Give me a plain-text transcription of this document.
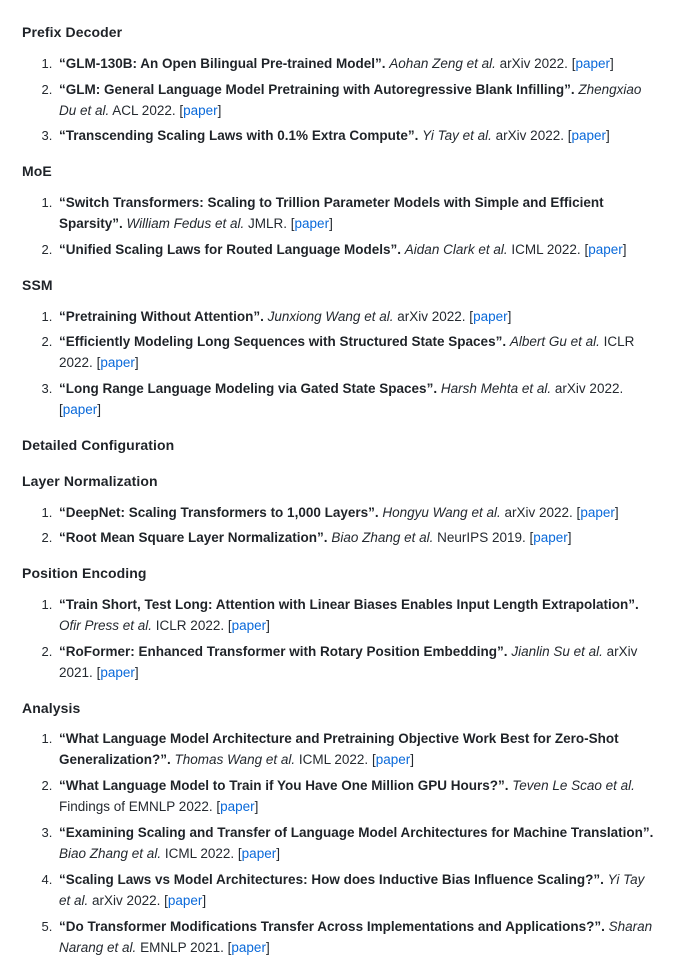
Prefix Decoder
1. “GLM-130B: An Open Bilingual Pre-trained Model”. Aohan Zeng et al. arXiv 2022. [paper]
2. “GLM: General Language Model Pretraining with Autoregressive Blank Infilling”. Zhengxiao Du et al. ACL 2022. [paper]
3. “Transcending Scaling Laws with 0.1% Extra Compute”. Yi Tay et al. arXiv 2022. [paper]
MoE
1. “Switch Transformers: Scaling to Trillion Parameter Models with Simple and Efficient Sparsity”. William Fedus et al. JMLR. [paper]
2. “Unified Scaling Laws for Routed Language Models”. Aidan Clark et al. ICML 2022. [paper]
SSM
1. “Pretraining Without Attention”. Junxiong Wang et al. arXiv 2022. [paper]
2. “Efficiently Modeling Long Sequences with Structured State Spaces”. Albert Gu et al. ICLR 2022. [paper]
3. “Long Range Language Modeling via Gated State Spaces”. Harsh Mehta et al. arXiv 2022. [paper]
Detailed Configuration
Layer Normalization
1. “DeepNet: Scaling Transformers to 1,000 Layers”. Hongyu Wang et al. arXiv 2022. [paper]
2. “Root Mean Square Layer Normalization”. Biao Zhang et al. NeurIPS 2019. [paper]
Position Encoding
1. “Train Short, Test Long: Attention with Linear Biases Enables Input Length Extrapolation”. Ofir Press et al. ICLR 2022. [paper]
2. “RoFormer: Enhanced Transformer with Rotary Position Embedding”. Jianlin Su et al. arXiv 2021. [paper]
Analysis
1. “What Language Model Architecture and Pretraining Objective Work Best for Zero-Shot Generalization?”. Thomas Wang et al. ICML 2022. [paper]
2. “What Language Model to Train if You Have One Million GPU Hours?”. Teven Le Scao et al. Findings of EMNLP 2022. [paper]
3. “Examining Scaling and Transfer of Language Model Architectures for Machine Translation”. Biao Zhang et al. ICML 2022. [paper]
4. “Scaling Laws vs Model Architectures: How does Inductive Bias Influence Scaling?”. Yi Tay et al. arXiv 2022. [paper]
5. “Do Transformer Modifications Transfer Across Implementations and Applications?”. Sharan Narang et al. EMNLP 2021. [paper]
